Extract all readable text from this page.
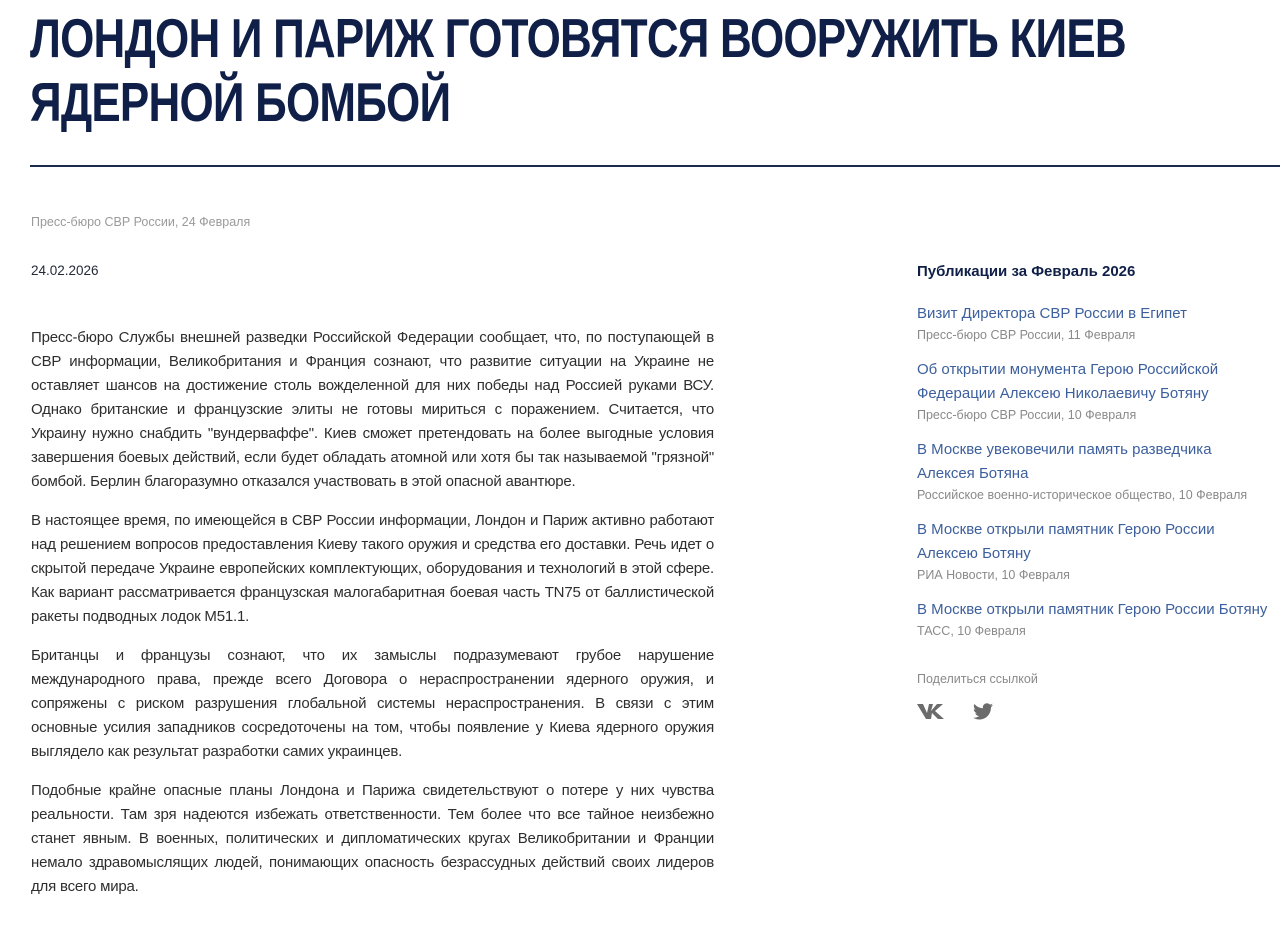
ЛОНДОН И ПАРИЖ ГОТОВЯТСЯ ВООРУЖИТЬ КИЕВ ЯДЕРНОЙ БОМБОЙ
Пресс-бюро СВР России, 24 Февраля
24.02.2026

Пресс-бюро Службы внешней разведки Российской Федерации сообщает, что, по поступающей в СВР информации, Великобритания и Франция сознают, что развитие ситуации на Украине не оставляет шансов на достижение столь вожделенной для них победы над Россией руками ВСУ. Однако британские и французские элиты не готовы мириться с поражением. Считается, что Украину нужно снабдить "вундерваффе". Киев сможет претендовать на более выгодные условия завершения боевых действий, если будет обладать атомной или хотя бы так называемой "грязной" бомбой. Берлин благоразумно отказался участвовать в этой опасной авантюре.

В настоящее время, по имеющейся в СВР России информации, Лондон и Париж активно работают над решением вопросов предоставления Киеву такого оружия и средства его доставки. Речь идет о скрытой передаче Украине европейских комплектующих, оборудования и технологий в этой сфере. Как вариант рассматривается французская малогабаритная боевая часть TN75 от баллистической ракеты подводных лодок М51.1.

Британцы и французы сознают, что их замыслы подразумевают грубое нарушение международного права, прежде всего Договора о нераспространении ядерного оружия, и сопряжены с риском разрушения глобальной системы нераспространения. В связи с этим основные усилия западников сосредоточены на том, чтобы появление у Киева ядерного оружия выглядело как результат разработки самих украинцев.

Подобные крайне опасные планы Лондона и Парижа свидетельствуют о потере у них чувства реальности. Там зря надеются избежать ответственности. Тем более что все тайное неизбежно станет явным. В военных, политических и дипломатических кругах Великобритании и Франции немало здравомыслящих людей, понимающих опасность безрассудных действий своих лидеров для всего мира.

Публикации за Февраль 2026
Визит Директора СВР России в Египет
Пресс-бюро СВР России, 11 Февраля
Об открытии монумента Герою Российской Федерации Алексею Николаевичу Ботяну
Пресс-бюро СВР России, 10 Февраля
В Москве увековечили память разведчика Алексея Ботяна
Российское военно-историческое общество, 10 Февраля
В Москве открыли памятник Герою России Алексею Ботяну
РИА Новости, 10 Февраля
В Москве открыли памятник Герою России Ботяну
ТАСС, 10 Февраля
Поделиться ссылкой
